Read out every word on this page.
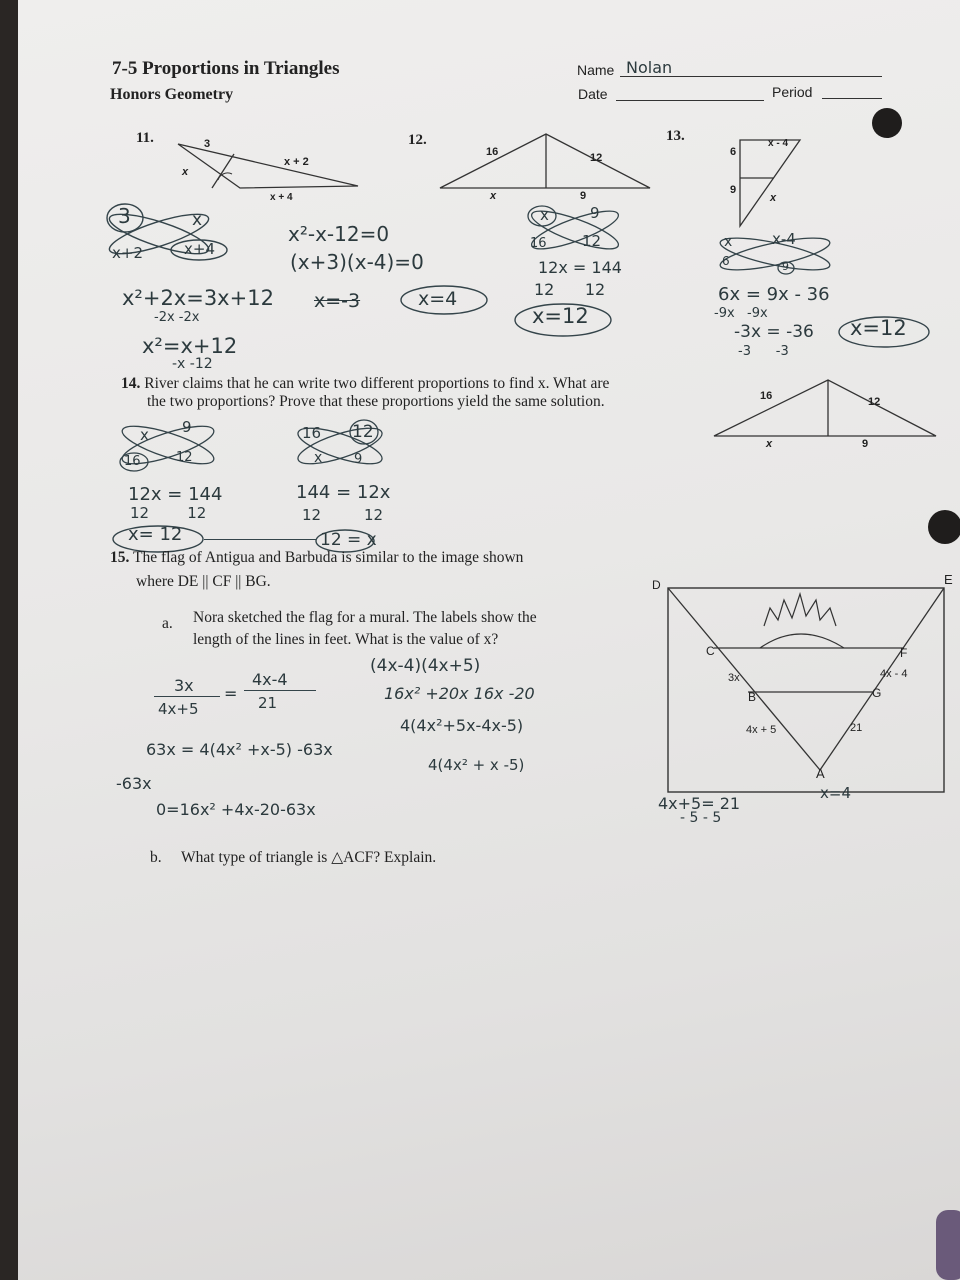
7-5 Proportions in Triangles
Honors Geometry
Name Nolan
Date	Period
11.	12.	13.
3
x + 2
x
x + 4
3	x
x+2	x+4
x²+2x=3x+12
-2x -2x
x²=x+12
-x -12
x²-x-12=0
(x+3)(x-4)=0
x=-3	x=4
16	12
x	9
x	9
16 12
12x = 144
12      12
x=12
6
x - 4
9
x
x	x-4
6	9
6x = 9x - 36
-9x   -9x
-3x = -36
-3      -3
x=12
14. River claims that he can write two different proportions to find x. What are
the two proportions? Prove that these proportions yield the same solution.	16	12
x	9
x 9
16	12
12x = 144
12        12
x= 12
16 12
x 9
144 = 12x
12         12
12 = x
15. The flag of Antigua and Barbuda is similar to the image shown
where DE || CF || BG.
a. Nora sketched the flag for a mural. The labels show the
length of the lines in feet. What is the value of x?
D	E
C	F
B	G
A
3x	4x - 4
4x + 5	21
3x
4x+5
=
4x-4
21
(4x-4)(4x+5)
16x² +20x 16x -20
4(4x²+5x-4x-5)
63x = 4(4x² +x-5) -63x
4(4x² + x -5)
-63x
0=16x² +4x-20-63x	4x+5= 21
- 5 - 5
x=4
b. What type of triangle is △ACF? Explain.
